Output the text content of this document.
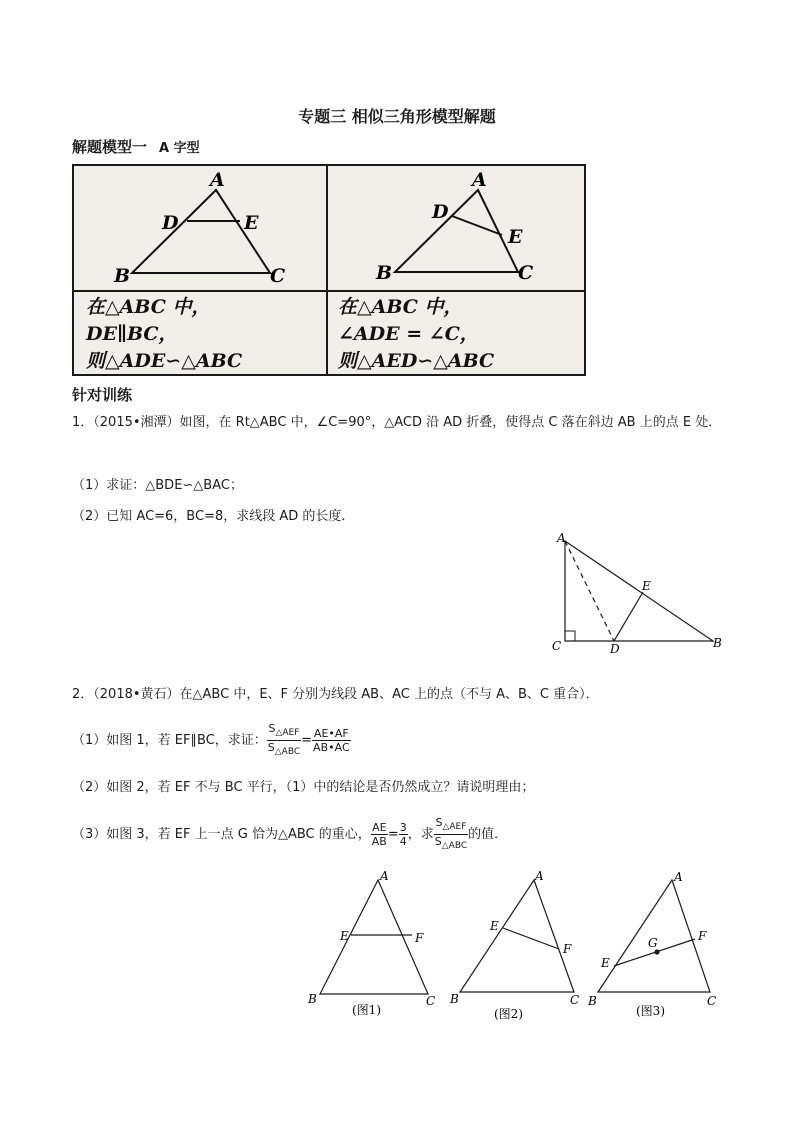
专题三 相似三角形模型解题
解题模型一 A 字型
A
D	E
B	C
A
D
E
B	C
在△ABC 中，
DE∥BC，
则△ADE∽△ABC
在△ABC 中，
∠ADE = ∠C，
则△AED∽△ABC
针对训练
1．（2015•湘潭）如图，在 Rt△ABC 中，∠C=90°，△ACD 沿 AD 折叠，使得点 C 落在斜边 AB 上的点 E 处．
（1）求证：△BDE∽△BAC；
（2）已知 AC=6，BC=8，求线段 AD 的长度．
A
E
C	D	B
2．（2018•黄石）在△ABC 中，E、F 分别为线段 AB、AC 上的点（不与 A、B、C 重合）．
（1）如图 1，若 EF∥BC，求证： $\frac{S_{\triangle AEF}}{S_{\triangle ABC}} = \frac{AE•AF}{AB•AC}$
（2）如图 2，若 EF 不与 BC 平行，（1）中的结论是否仍然成立？请说明理由；
（3）如图 3，若 EF 上一点 G 恰为△ABC 的重心， $\frac{AE}{AB} = \frac{3}{4}$ ，求 $\frac{S_{\triangle AEF}}{S_{\triangle ABC}}$ 的值．
A
E	F
B	C
(图1)
A
E
F
B	C
(图2)
A
G	F
E
B	C
(图3)
